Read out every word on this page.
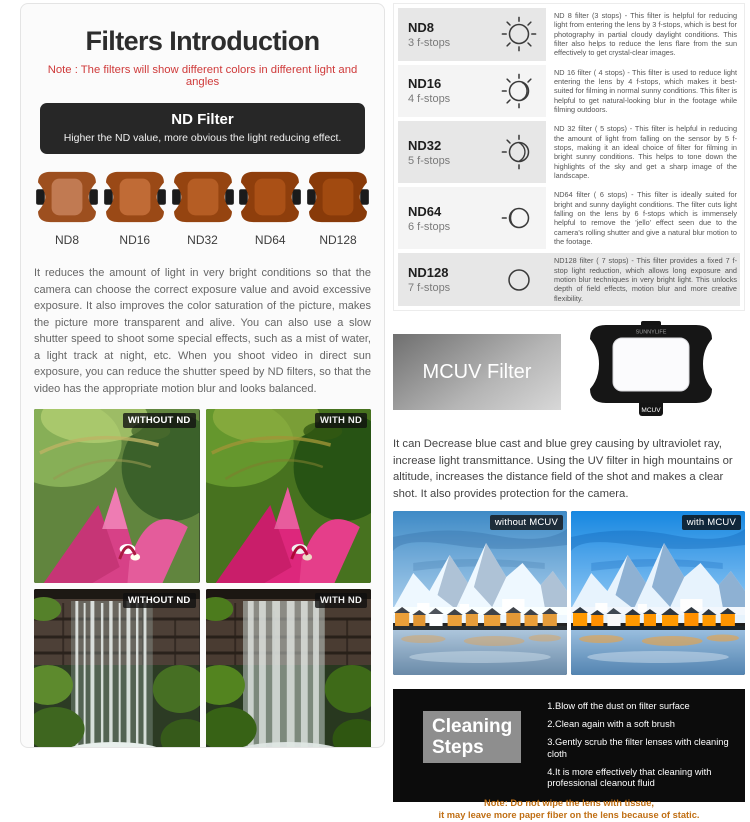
Filters Introduction
Note : The filters will show different colors in different light and angles
ND Filter
Higher the ND value, more obvious the light reducing effect.
ND8	ND16	ND32	ND64	ND128
It reduces the amount of light in very bright conditions so that the camera can choose the correct exposure value and avoid excessive exposure. It also improves the color saturation of the picture, makes the picture more transparent and alive. You can also use a slow shutter speed to shoot some special effects, such as a mist of water, a light track at night, etc. When you shoot video in direct sun exposure, you can reduce the shutter speed by ND filters, so that the video has the appropriate motion blur and looks balanced.
WITHOUT ND	WITH ND
WITHOUT ND	WITH ND
ND8
3 f-stops
ND 8 filter (3 stops) - This filter is helpful for reducing light from entering the lens by 3 f-stops, which is best for photography in partial cloudy daylight conditions. This filter also helps to reduce the lens flare from the sun effectively to get crystal-clear images.
ND16
4 f-stops
ND 16 filter ( 4 stops) - This filter is used to reduce light entering the lens by 4 f-stops, which makes it best-suited for filming in normal sunny conditions. This filter is helpful to get natural-looking blur in the footage while filming outdoors.
ND32
5 f-stops
ND 32 filter ( 5 stops) - This filter is helpful in reducing the amount of light from falling on the sensor by 5 f-stops, making it an ideal choice of filter for filming in bright sunny conditions. This helps to tone down the highlights of the sky and get a sharp image of the landscape.
ND64
6 f-stops
ND64 filter ( 6 stops) - This filter is ideally suited for bright and sunny daylight conditions. The filter cuts light falling on the lens by 6 f-stops which is immensely helpful to remove the 'jello' effect seen due to the camera's rolling shutter and give a natural blur motion to the footage.
ND128
7 f-stops
ND128 filter ( 7 stops) - This filter provides a fixed 7 f-stop light reduction, which allows long exposure and motion blur techniques in very bright light. This unlocks depth of field effects, motion blur and more creative flexibility.
MCUV Filter
SUNNYLIFE
MCUV
It can Decrease blue cast and blue grey causing by ultraviolet ray, increase light transmittance. Using the UV filter in high mountains or altitude, increases the distance field of the shot and makes a clear shot. It also provides protection for the camera.
without MCUV	with MCUV
Cleaning
Steps
1.Blow off the dust on filter surface
2.Clean again with a soft brush
3.Gently scrub the filter lenses with cleaning cloth
4.It is more effectively that cleaning with professional cleanout fluid
Note: Do not wipe the lens with tissue,
it may leave more paper fiber on the lens because of static.
